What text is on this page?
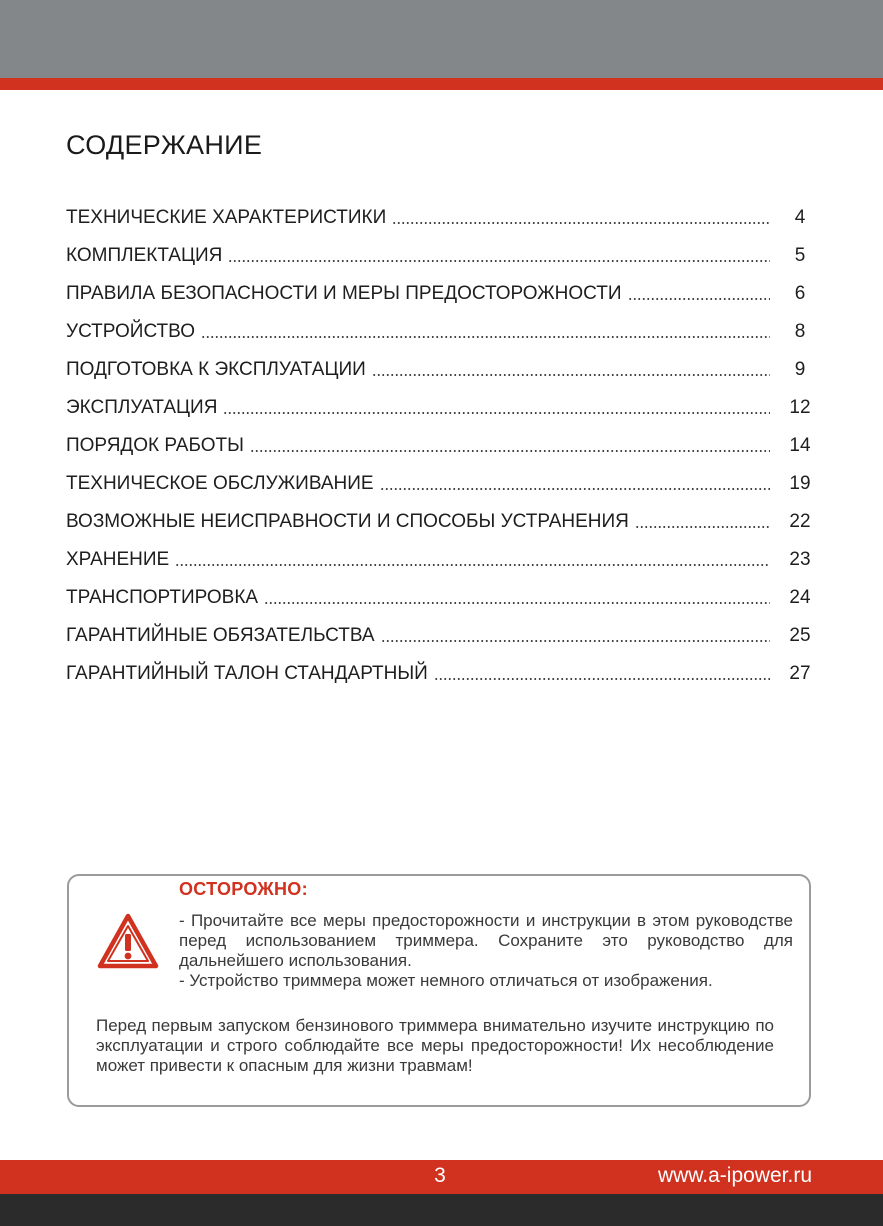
СОДЕРЖАНИЕ
ТЕХНИЧЕСКИЕ ХАРАКТЕРИСТИКИ	4
КОМПЛЕКТАЦИЯ	5
ПРАВИЛА БЕЗОПАСНОСТИ И МЕРЫ ПРЕДОСТОРОЖНОСТИ	6
УСТРОЙСТВО	8
ПОДГОТОВКА К ЭКСПЛУАТАЦИИ	9
ЭКСПЛУАТАЦИЯ	12
ПОРЯДОК РАБОТЫ	14
ТЕХНИЧЕСКОЕ ОБСЛУЖИВАНИЕ	19
ВОЗМОЖНЫЕ НЕИСПРАВНОСТИ И СПОСОБЫ УСТРАНЕНИЯ	22
ХРАНЕНИЕ	23
ТРАНСПОРТИРОВКА	24
ГАРАНТИЙНЫЕ ОБЯЗАТЕЛЬСТВА	25
ГАРАНТИЙНЫЙ ТАЛОН СТАНДАРТНЫЙ	27
ОСТОРОЖНО:
- Прочитайте все меры предосторожности и инструкции в этом руководстве перед использованием триммера. Сохраните это руководство для дальнейшего использования.
- Устройство триммера может немного отличаться от изображения.
Перед первым запуском бензинового триммера внимательно изучите инструкцию по эксплуатации и строго соблюдайте все меры предосторожности! Их несоблюдение может привести к опасным для жизни травмам!
3	www.a-ipower.ru
